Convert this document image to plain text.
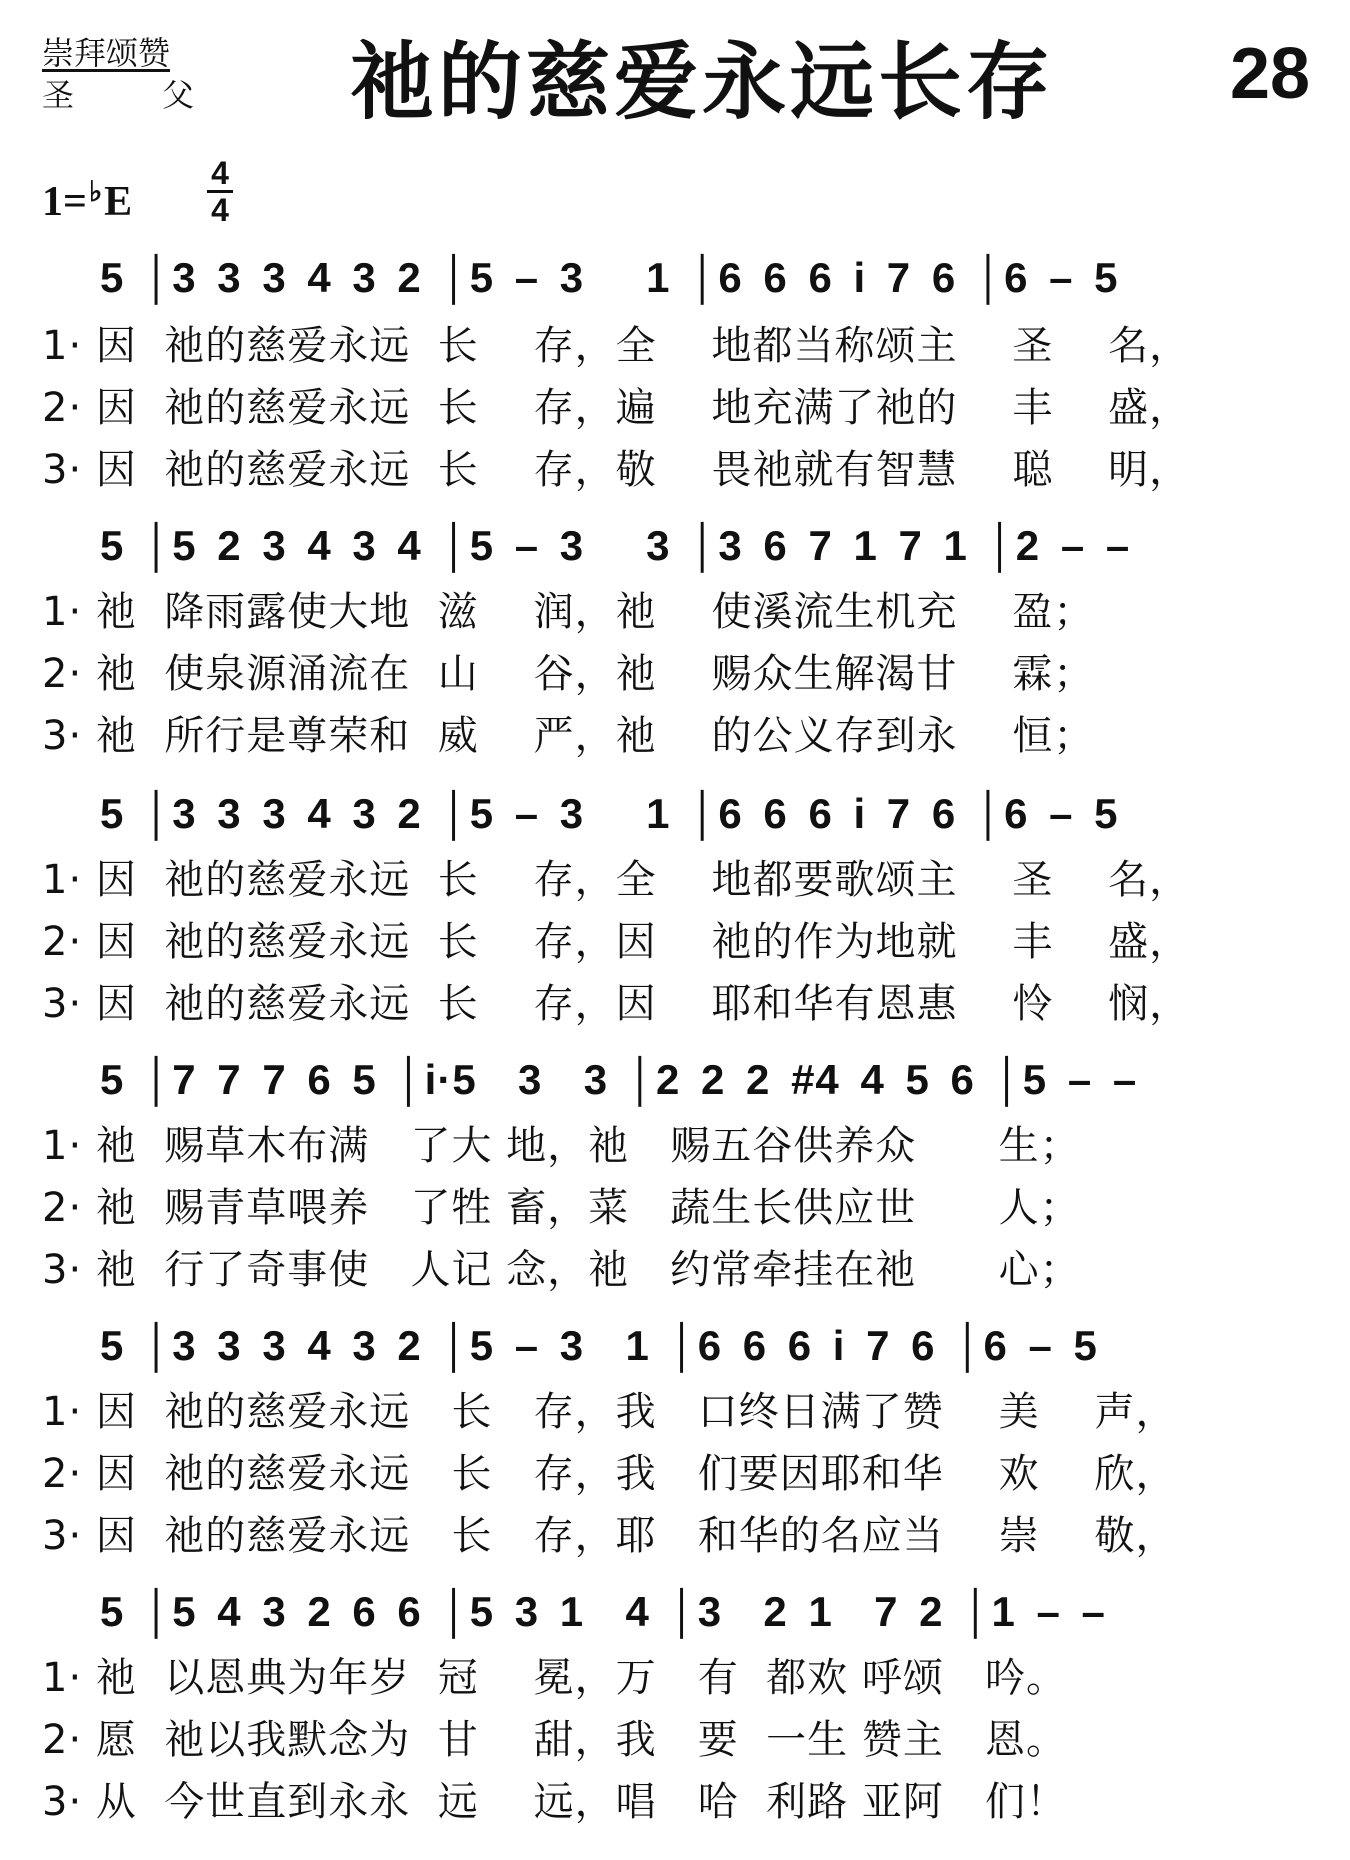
崇拜颂赞
圣	父 祂的慈爱永远长存 28
1=♭E
4
4
5 │3 3 3 4 3 2 │5 – 3   1 │6 6 6 i 7 6 │6 – 5
1· 因  祂的慈爱永远  长    存，全    地都当称颂主    圣    名，
2· 因  祂的慈爱永远  长    存，遍    地充满了祂的    丰    盛，
3· 因  祂的慈爱永远  长    存，敬    畏祂就有智慧    聪    明，
5 │5 2 3 4 3 4 │5 – 3   3 │3 6 7 1 7 1 │2 – –
1· 祂  降雨露使大地  滋    润，祂    使溪流生机充    盈；
2· 祂  使泉源涌流在  山    谷，祂    赐众生解渴甘    霖；
3· 祂  所行是尊荣和  威    严，祂    的公义存到永    恒；
5 │3 3 3 4 3 2 │5 – 3   1 │6 6 6 i 7 6 │6 – 5
1· 因  祂的慈爱永远  长    存，全    地都要歌颂主    圣    名，
2· 因  祂的慈爱永远  长    存，因    祂的作为地就    丰    盛，
3· 因  祂的慈爱永远  长    存，因    耶和华有恩惠    怜    悯，
5 │7 7 7 6 5 │i·5  3  3 │2 2 2 #4 4 5 6 │5 – –
1· 祂  赐草木布满   了大 地，祂   赐五谷供养众      生；
2· 祂  赐青草喂养   了牲 畜，菜   蔬生长供应世      人；
3· 祂  行了奇事使   人记 念，祂   约常牵挂在祂      心；
5 │3 3 3 4 3 2 │5 – 3  1 │6 6 6 i 7 6 │6 – 5
1· 因  祂的慈爱永远   长   存，我   口终日满了赞    美    声，
2· 因  祂的慈爱永远   长   存，我   们要因耶和华    欢    欣，
3· 因  祂的慈爱永远   长   存，耶   和华的名应当    崇    敬，
5 │5 4 3 2 6 6 │5 3 1  4 │3  2 1  7 2 │1 – –
1· 祂  以恩典为年岁  冠    冕，万   有  都欢 呼颂   吟。
2· 愿  祂以我默念为  甘    甜，我   要  一生 赞主   恩。
3· 从  今世直到永永  远    远，唱   哈  利路 亚阿   们！
